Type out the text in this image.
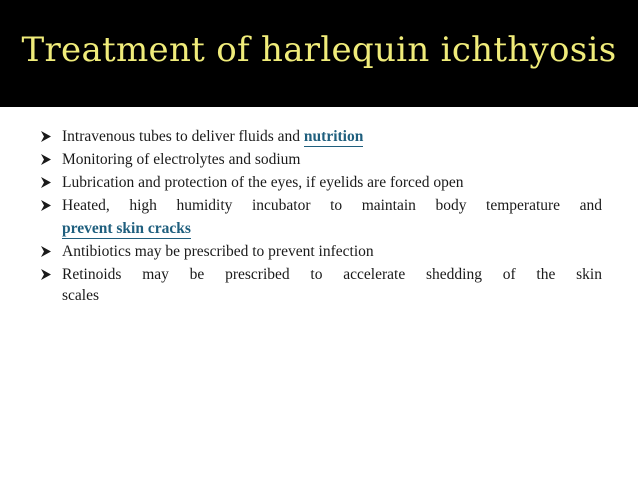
Treatment of harlequin ichthyosis
Intravenous tubes to deliver fluids and nutrition
Monitoring of electrolytes and sodium
Lubrication and protection of the eyes, if eyelids are forced open
Heated, high humidity incubator to maintain body temperature and
prevent skin cracks
Antibiotics may be prescribed to prevent infection
Retinoids may be prescribed to accelerate shedding of the skin
scales
